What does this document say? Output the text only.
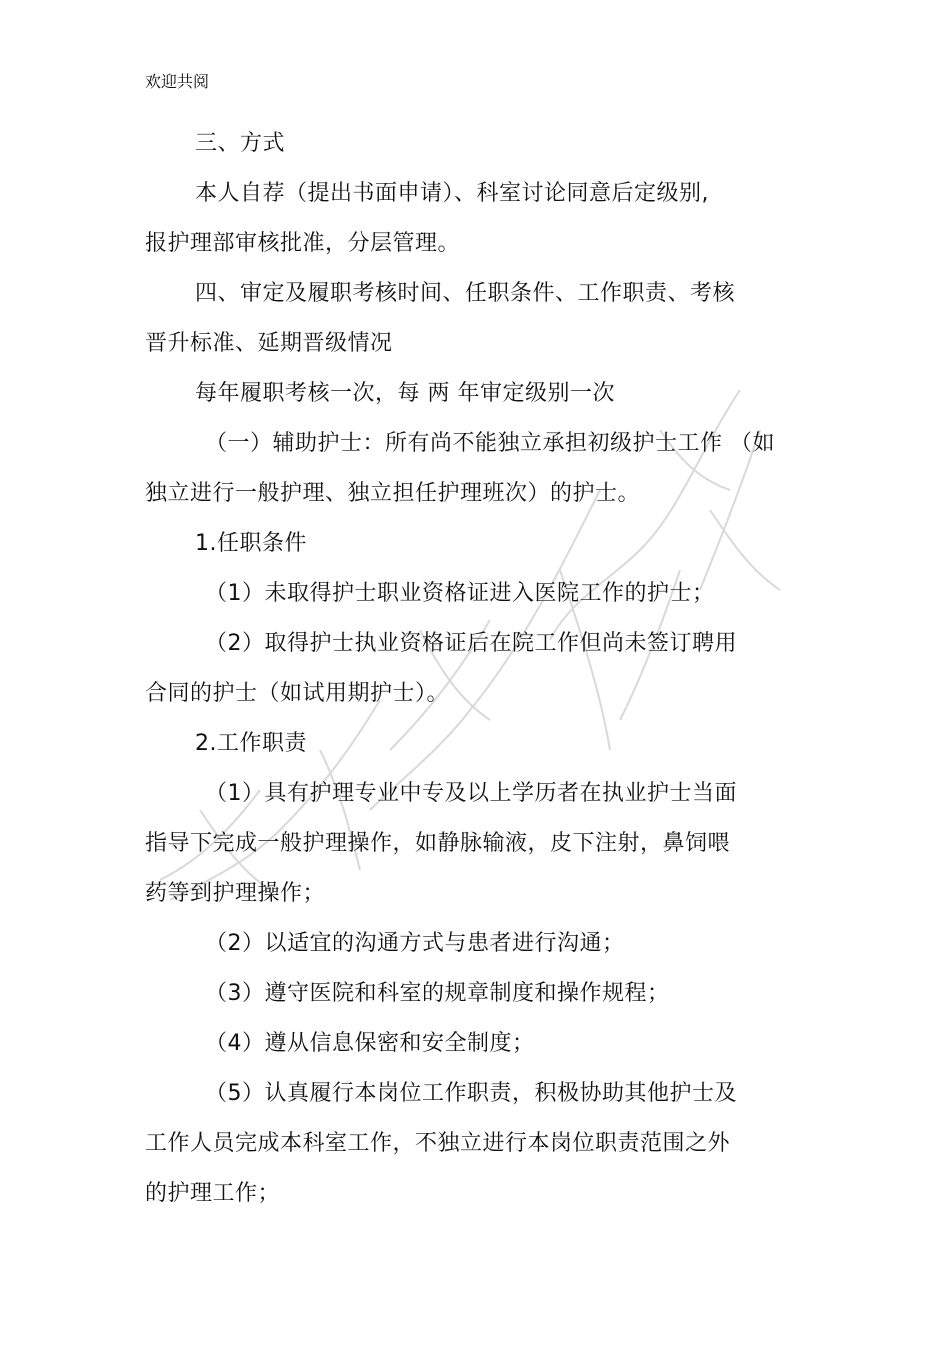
欢迎共阅
三、方式
本人自荐（提出书面申请）、科室讨论同意后定级别,
报护理部审核批准，分层管理。
四、审定及履职考核时间、任职条件、工作职责、考核
晋升标准、延期晋级情况
每年履职考核一次，每 两 年审定级别一次
（一）辅助护士：所有尚不能独立承担初级护士工作 （如
独立进行一般护理、独立担任护理班次）的护士。
1.任职条件
（1）未取得护士职业资格证进入医院工作的护士；
（2）取得护士执业资格证后在院工作但尚未签订聘用
合同的护士（如试用期护士）。
2.工作职责
（1）具有护理专业中专及以上学历者在执业护士当面
指导下完成一般护理操作，如静脉输液，皮下注射，鼻饲喂
药等到护理操作；
（2）以适宜的沟通方式与患者进行沟通；
（3）遵守医院和科室的规章制度和操作规程；
（4）遵从信息保密和安全制度；
（5）认真履行本岗位工作职责，积极协助其他护士及
工作人员完成本科室工作，不独立进行本岗位职责范围之外
的护理工作；
